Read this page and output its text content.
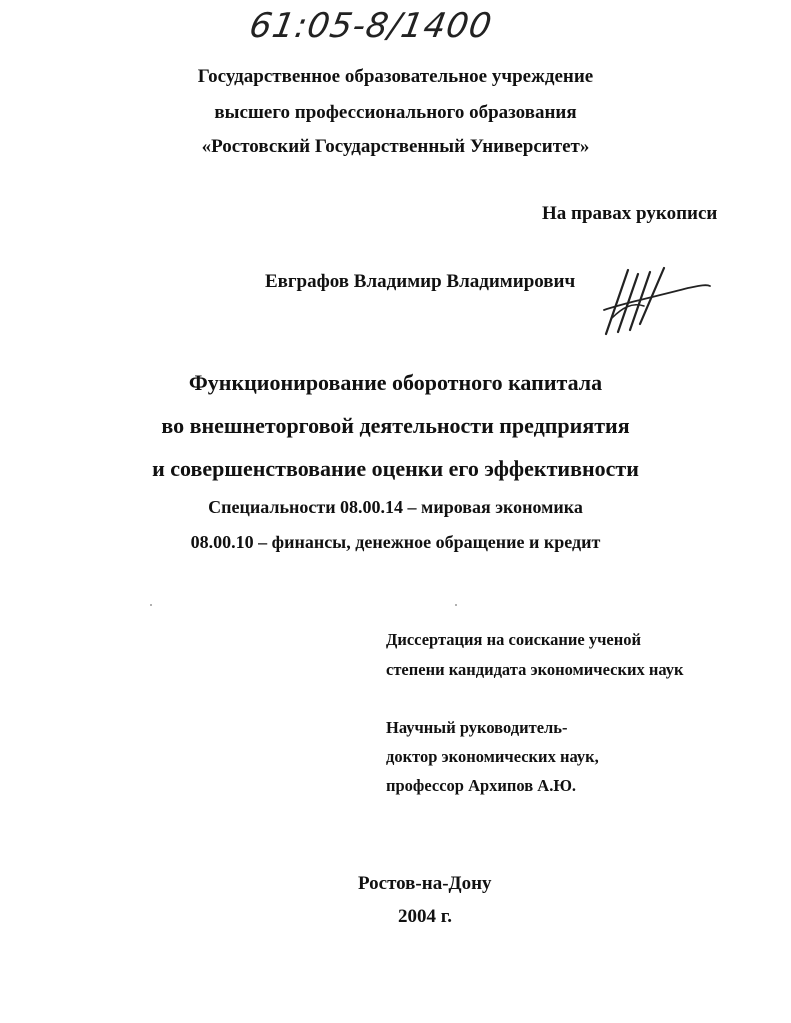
61:05-8/1400
Государственное образовательное учреждение
высшего профессионального образования
«Ростовский Государственный Университет»
На правах рукописи
Евграфов Владимир Владимирович
Функционирование оборотного капитала
во внешнеторговой деятельности предприятия
и совершенствование оценки его эффективности
Специальности 08.00.14 – мировая экономика
08.00.10 – финансы, денежное обращение и кредит
Диссертация на соискание ученой
степени кандидата экономических наук
Научный руководитель-
доктор экономических наук,
профессор Архипов А.Ю.
Ростов-на-Дону
2004 г.
